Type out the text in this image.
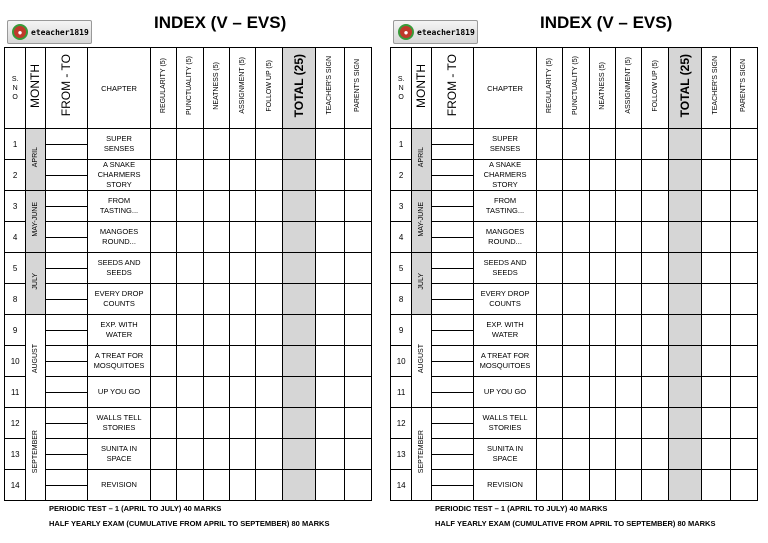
●	eteacher1819	INDEX (V – EVS)
S.
N
O	MONTH	FROM - TO	CHAPTER	REGULARITY (5)	PUNCTUALITY (5)	NEATNESS (5)	ASSIGNMENT (5)	FOLLOW UP (5)	TOTAL (25)	TEACHER'S SIGN	PARENT'S SIGN
1	APRIL		SUPER
SENSES								

2			A SNAKE
CHARMERS
STORY								

3	MAY-JUNE		FROM
TASTING...								

4			MANGOES
ROUND...								

5	JULY		SEEDS AND
SEEDS								

8			EVERY DROP
COUNTS								

9	AUGUST		EXP. WITH
WATER								

10			A TREAT FOR
MOSQUITOES								

11			UP YOU GO								

12	SEPTEMBER		WALLS TELL
STORIES								

13			SUNITA IN
SPACE								

14			REVISION								

PERIODIC TEST – 1 (APRIL TO JULY) 40 MARKS
HALF YEARLY EXAM (CUMULATIVE FROM APRIL TO SEPTEMBER) 80 MARKS
●	eteacher1819	INDEX (V – EVS)
S.
N
O	MONTH	FROM - TO	CHAPTER	REGULARITY (5)	PUNCTUALITY (5)	NEATNESS (5)	ASSIGNMENT (5)	FOLLOW UP (5)	TOTAL (25)	TEACHER'S SIGN	PARENT'S SIGN
1	APRIL		SUPER
SENSES								

2			A SNAKE
CHARMERS
STORY								

3	MAY-JUNE		FROM
TASTING...								

4			MANGOES
ROUND...								

5	JULY		SEEDS AND
SEEDS								

8			EVERY DROP
COUNTS								

9	AUGUST		EXP. WITH
WATER								

10			A TREAT FOR
MOSQUITOES								

11			UP YOU GO								

12	SEPTEMBER		WALLS TELL
STORIES								

13			SUNITA IN
SPACE								

14			REVISION								

PERIODIC TEST – 1 (APRIL TO JULY) 40 MARKS
HALF YEARLY EXAM (CUMULATIVE FROM APRIL TO SEPTEMBER) 80 MARKS
